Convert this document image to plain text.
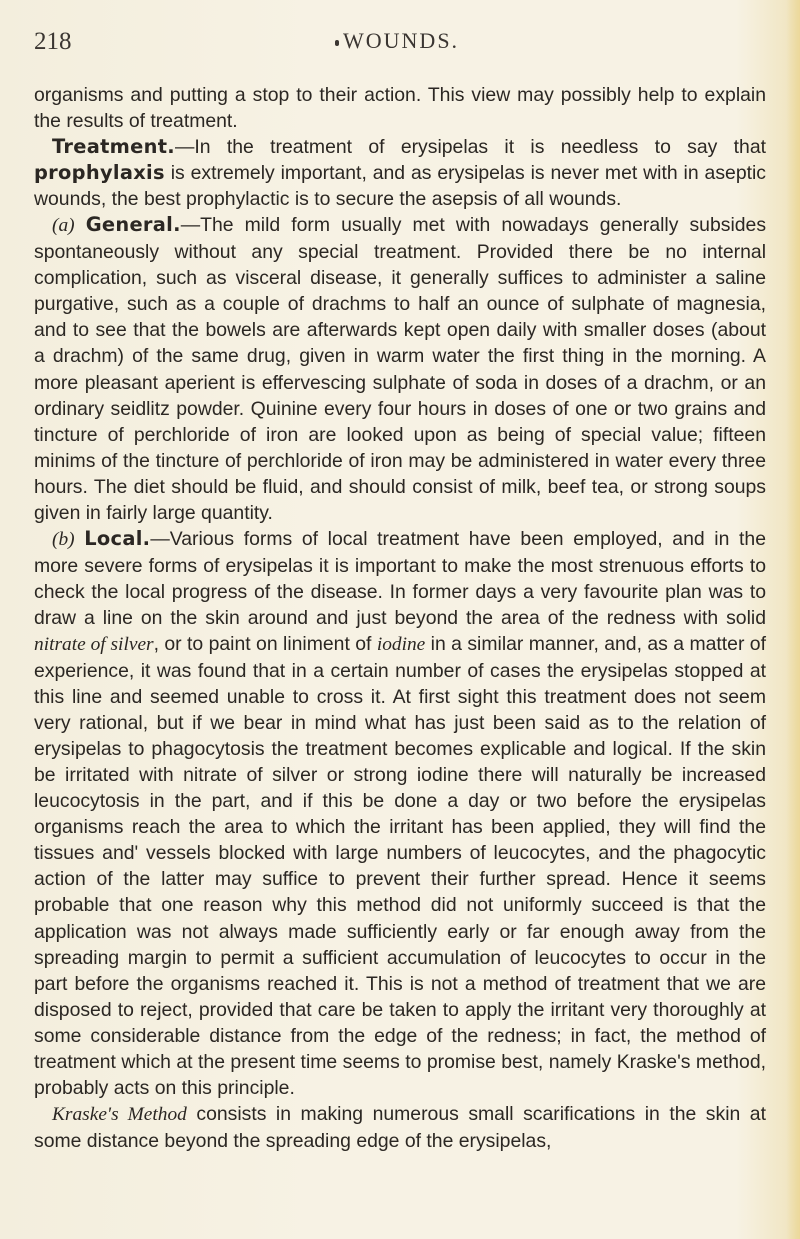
218	WOUNDS.

organisms and putting a stop to their action. This view may possibly help to explain the results of treatment.

Treatment.—In the treatment of erysipelas it is needless to say that prophylaxis is extremely important, and as erysipelas is never met with in aseptic wounds, the best prophylactic is to secure the asepsis of all wounds.

(a) General.—The mild form usually met with nowadays generally subsides spontaneously without any special treatment. Provided there be no internal complication, such as visceral disease, it generally suffices to administer a saline purgative, such as a couple of drachms to half an ounce of sulphate of magnesia, and to see that the bowels are afterwards kept open daily with smaller doses (about a drachm) of the same drug, given in warm water the first thing in the morning. A more pleasant aperient is effervescing sulphate of soda in doses of a drachm, or an ordinary seidlitz powder. Quinine every four hours in doses of one or two grains and tincture of perchloride of iron are looked upon as being of special value; fifteen minims of the tincture of perchloride of iron may be administered in water every three hours. The diet should be fluid, and should consist of milk, beef tea, or strong soups given in fairly large quantity.

(b) Local.—Various forms of local treatment have been employed, and in the more severe forms of erysipelas it is important to make the most strenuous efforts to check the local progress of the disease. In former days a very favourite plan was to draw a line on the skin around and just beyond the area of the redness with solid nitrate of silver, or to paint on liniment of iodine in a similar manner, and, as a matter of experience, it was found that in a certain number of cases the erysipelas stopped at this line and seemed unable to cross it. At first sight this treatment does not seem very rational, but if we bear in mind what has just been said as to the relation of erysipelas to phagocytosis the treatment becomes explicable and logical. If the skin be irritated with nitrate of silver or strong iodine there will naturally be increased leucocytosis in the part, and if this be done a day or two before the erysipelas organisms reach the area to which the irritant has been applied, they will find the tissues and' vessels blocked with large numbers of leucocytes, and the phagocytic action of the latter may suffice to prevent their further spread. Hence it seems probable that one reason why this method did not uniformly succeed is that the application was not always made sufficiently early or far enough away from the spreading margin to permit a sufficient accumulation of leucocytes to occur in the part before the organisms reached it. This is not a method of treatment that we are disposed to reject, provided that care be taken to apply the irritant very thoroughly at some considerable distance from the edge of the redness; in fact, the method of treatment which at the present time seems to promise best, namely Kraske's method, probably acts on this principle.

Kraske's Method consists in making numerous small scarifications in the skin at some distance beyond the spreading edge of the erysipelas,
